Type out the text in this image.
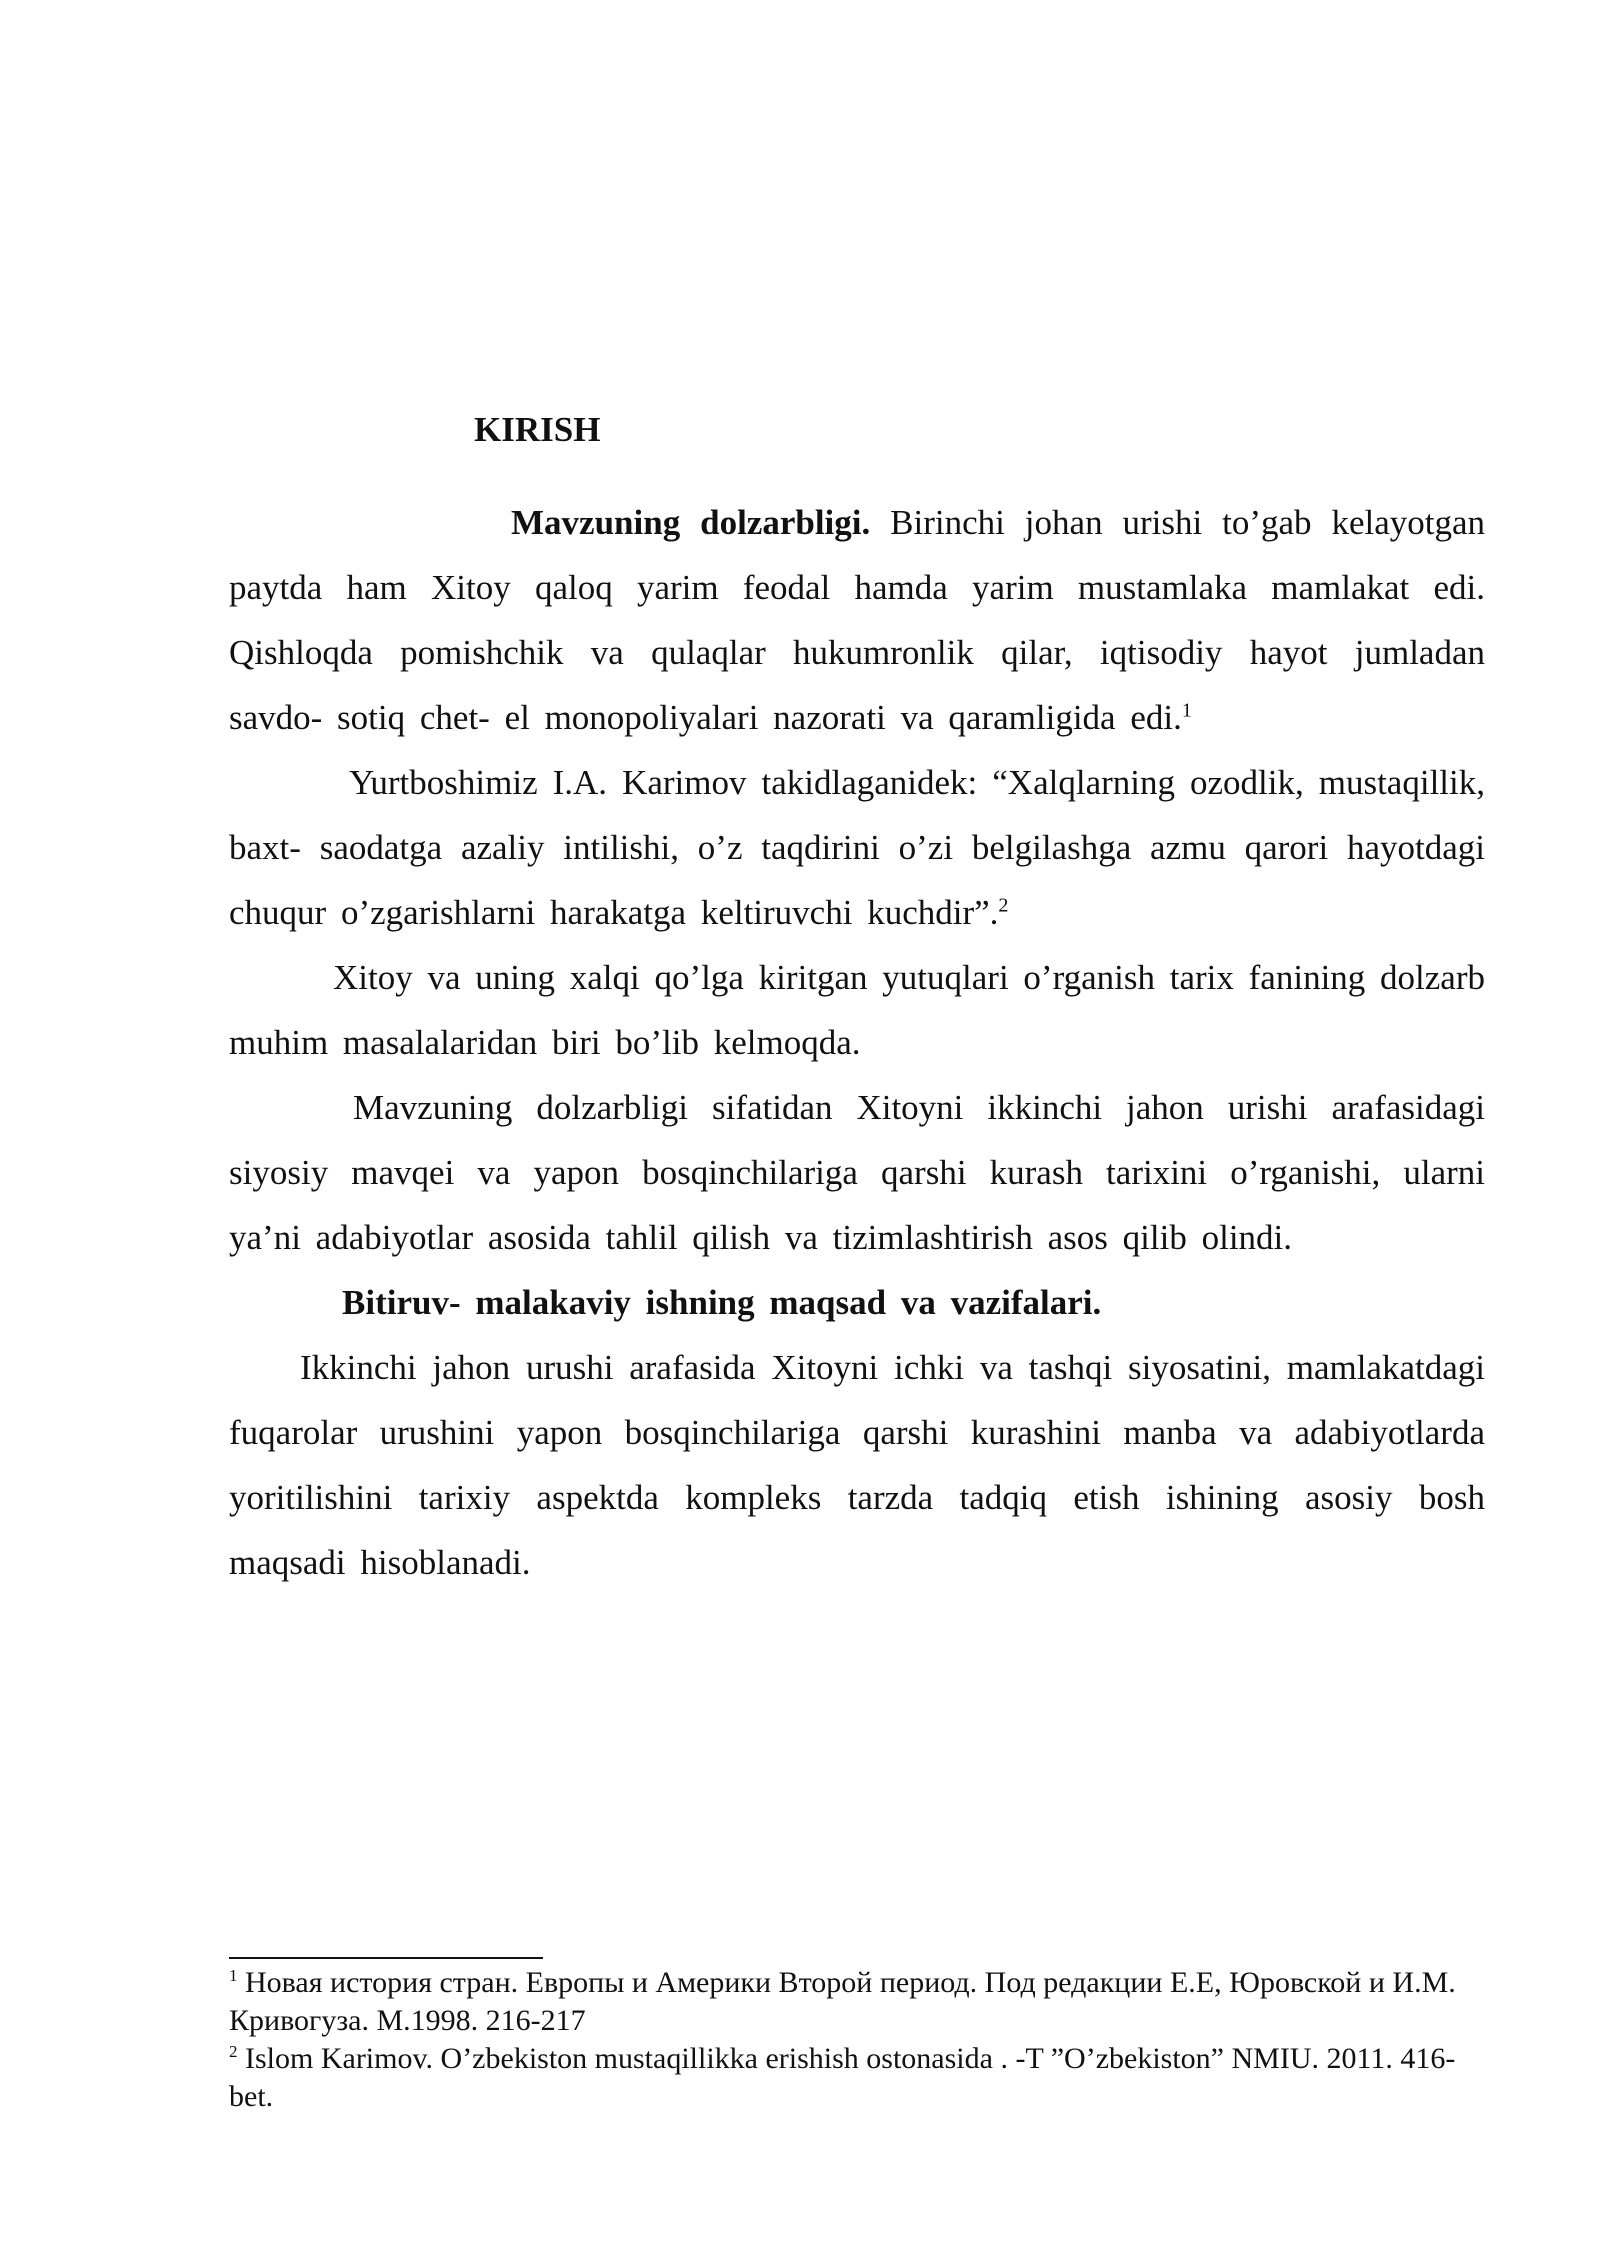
KIRISH

Mavzuning dolzarbligi. Birinchi johan urishi to’gab kelayotgan paytda ham Xitoy qaloq yarim feodal hamda yarim mustamlaka mamlakat edi. Qishloqda pomishchik va qulaqlar hukumronlik qilar, iqtisodiy hayot jumladan savdo- sotiq chet- el monopoliyalari nazorati va qaramligida edi.$^1$

Yurtboshimiz I.A. Karimov takidlaganidek: “Xalqlarning ozodlik, mustaqillik, baxt- saodatga azaliy intilishi, o’z taqdirini o’zi belgilashga azmu qarori hayotdagi chuqur o’zgarishlarni harakatga keltiruvchi kuchdir”.$^2$

Xitoy va uning xalqi qo’lga kiritgan yutuqlari o’rganish tarix fanining dolzarb muhim masalalaridan biri bo’lib kelmoqda.

Mavzuning dolzarbligi sifatidan Xitoyni ikkinchi jahon urishi arafasidagi siyosiy mavqei va yapon bosqinchilariga qarshi kurash tarixini o’rganishi, ularni ya’ni adabiyotlar asosida tahlil qilish va tizimlashtirish asos qilib olindi.

Bitiruv- malakaviy ishning maqsad va vazifalari.

Ikkinchi jahon urushi arafasida Xitoyni ichki va tashqi siyosatini, mamlakatdagi fuqarolar urushini yapon bosqinchilariga qarshi kurashini manba va adabiyotlarda yoritilishini tarixiy aspektda kompleks tarzda tadqiq etish ishining asosiy bosh maqsadi hisoblanadi.

$^1$ Новая история стран. Европы и Америки Второй период. Под редакции Е.Е, Юровской и И.М. Кривогуза. М.1998. 216-217

$^2$ Islom Karimov. O’zbekiston mustaqillikka erishish ostonasida . -T ”O’zbekiston” NMIU. 2011. 416- bet.
